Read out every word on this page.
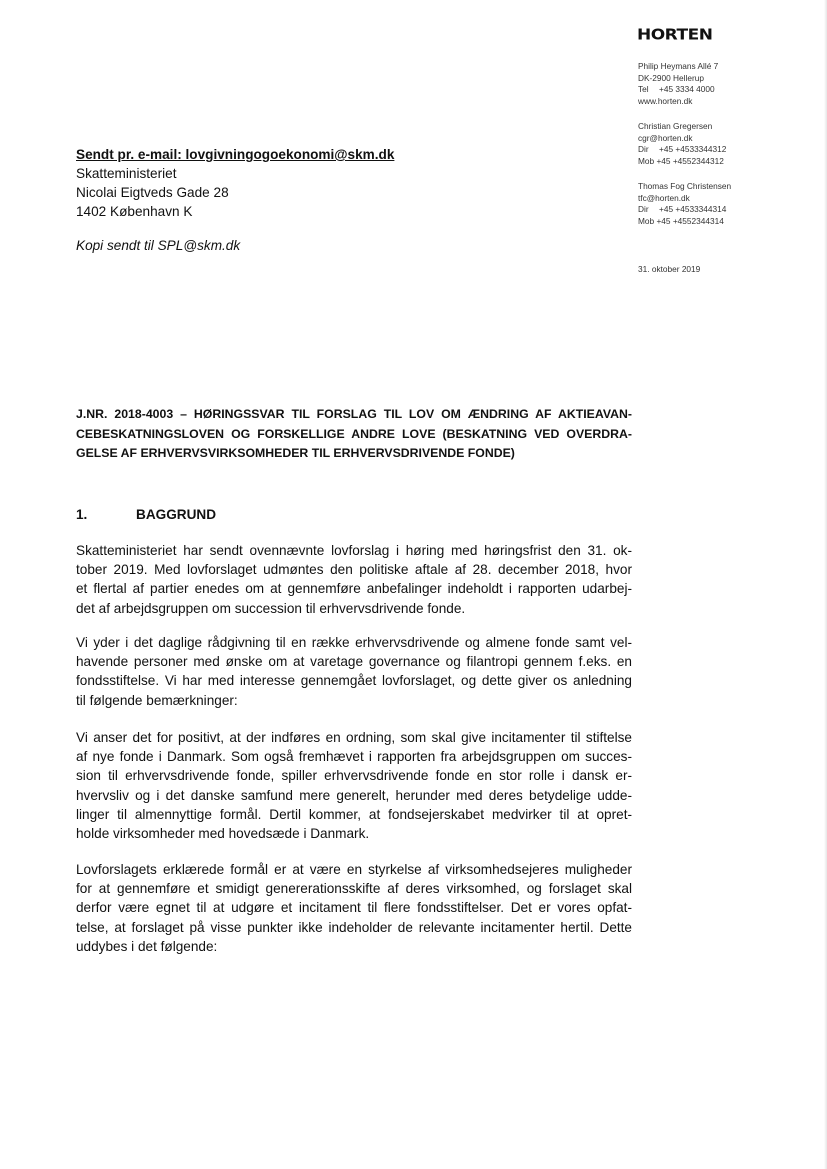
HORTEN
Philip Heymans Allé 7
DK-2900 Hellerup
Tel +45 3334 4000
www.horten.dk
Christian Gregersen
cgr@horten.dk
Dir +45 +4533344312
Mob +45 +4552344312
Thomas Fog Christensen
tfc@horten.dk
Dir +45 +4533344314
Mob +45 +4552344314
31. oktober 2019
Sendt pr. e-mail: lovgivningogoekonomi@skm.dk
Skatteministeriet
Nicolai Eigtveds Gade 28
1402 København K
Kopi sendt til SPL@skm.dk
J.NR. 2018-4003 – HØRINGSSVAR TIL FORSLAG TIL LOV OM ÆNDRING AF AKTIEAVAN-
CEBESKATNINGSLOVEN OG FORSKELLIGE ANDRE LOVE (BESKATNING VED OVERDRA-
GELSE AF ERHVERVSVIRKSOMHEDER TIL ERHVERVSDRIVENDE FONDE)
1.	BAGGRUND
Skatteministeriet har sendt ovennævnte lovforslag i høring med høringsfrist den 31. ok-
tober 2019. Med lovforslaget udmøntes den politiske aftale af 28. december 2018, hvor
et flertal af partier enedes om at gennemføre anbefalinger indeholdt i rapporten udarbej-
det af arbejdsgruppen om succession til erhvervsdrivende fonde.
Vi yder i det daglige rådgivning til en række erhvervsdrivende og almene fonde samt vel-
havende personer med ønske om at varetage governance og filantropi gennem f.eks. en
fondsstiftelse. Vi har med interesse gennemgået lovforslaget, og dette giver os anledning
til følgende bemærkninger:
Vi anser det for positivt, at der indføres en ordning, som skal give incitamenter til stiftelse
af nye fonde i Danmark. Som også fremhævet i rapporten fra arbejdsgruppen om succes-
sion til erhvervsdrivende fonde, spiller erhvervsdrivende fonde en stor rolle i dansk er-
hvervsliv og i det danske samfund mere generelt, herunder med deres betydelige udde-
linger til almennyttige formål. Dertil kommer, at fondsejerskabet medvirker til at opret-
holde virksomheder med hovedsæde i Danmark.
Lovforslagets erklærede formål er at være en styrkelse af virksomhedsejeres muligheder
for at gennemføre et smidigt genererationsskifte af deres virksomhed, og forslaget skal
derfor være egnet til at udgøre et incitament til flere fondsstiftelser. Det er vores opfat-
telse, at forslaget på visse punkter ikke indeholder de relevante incitamenter hertil. Dette
uddybes i det følgende:
